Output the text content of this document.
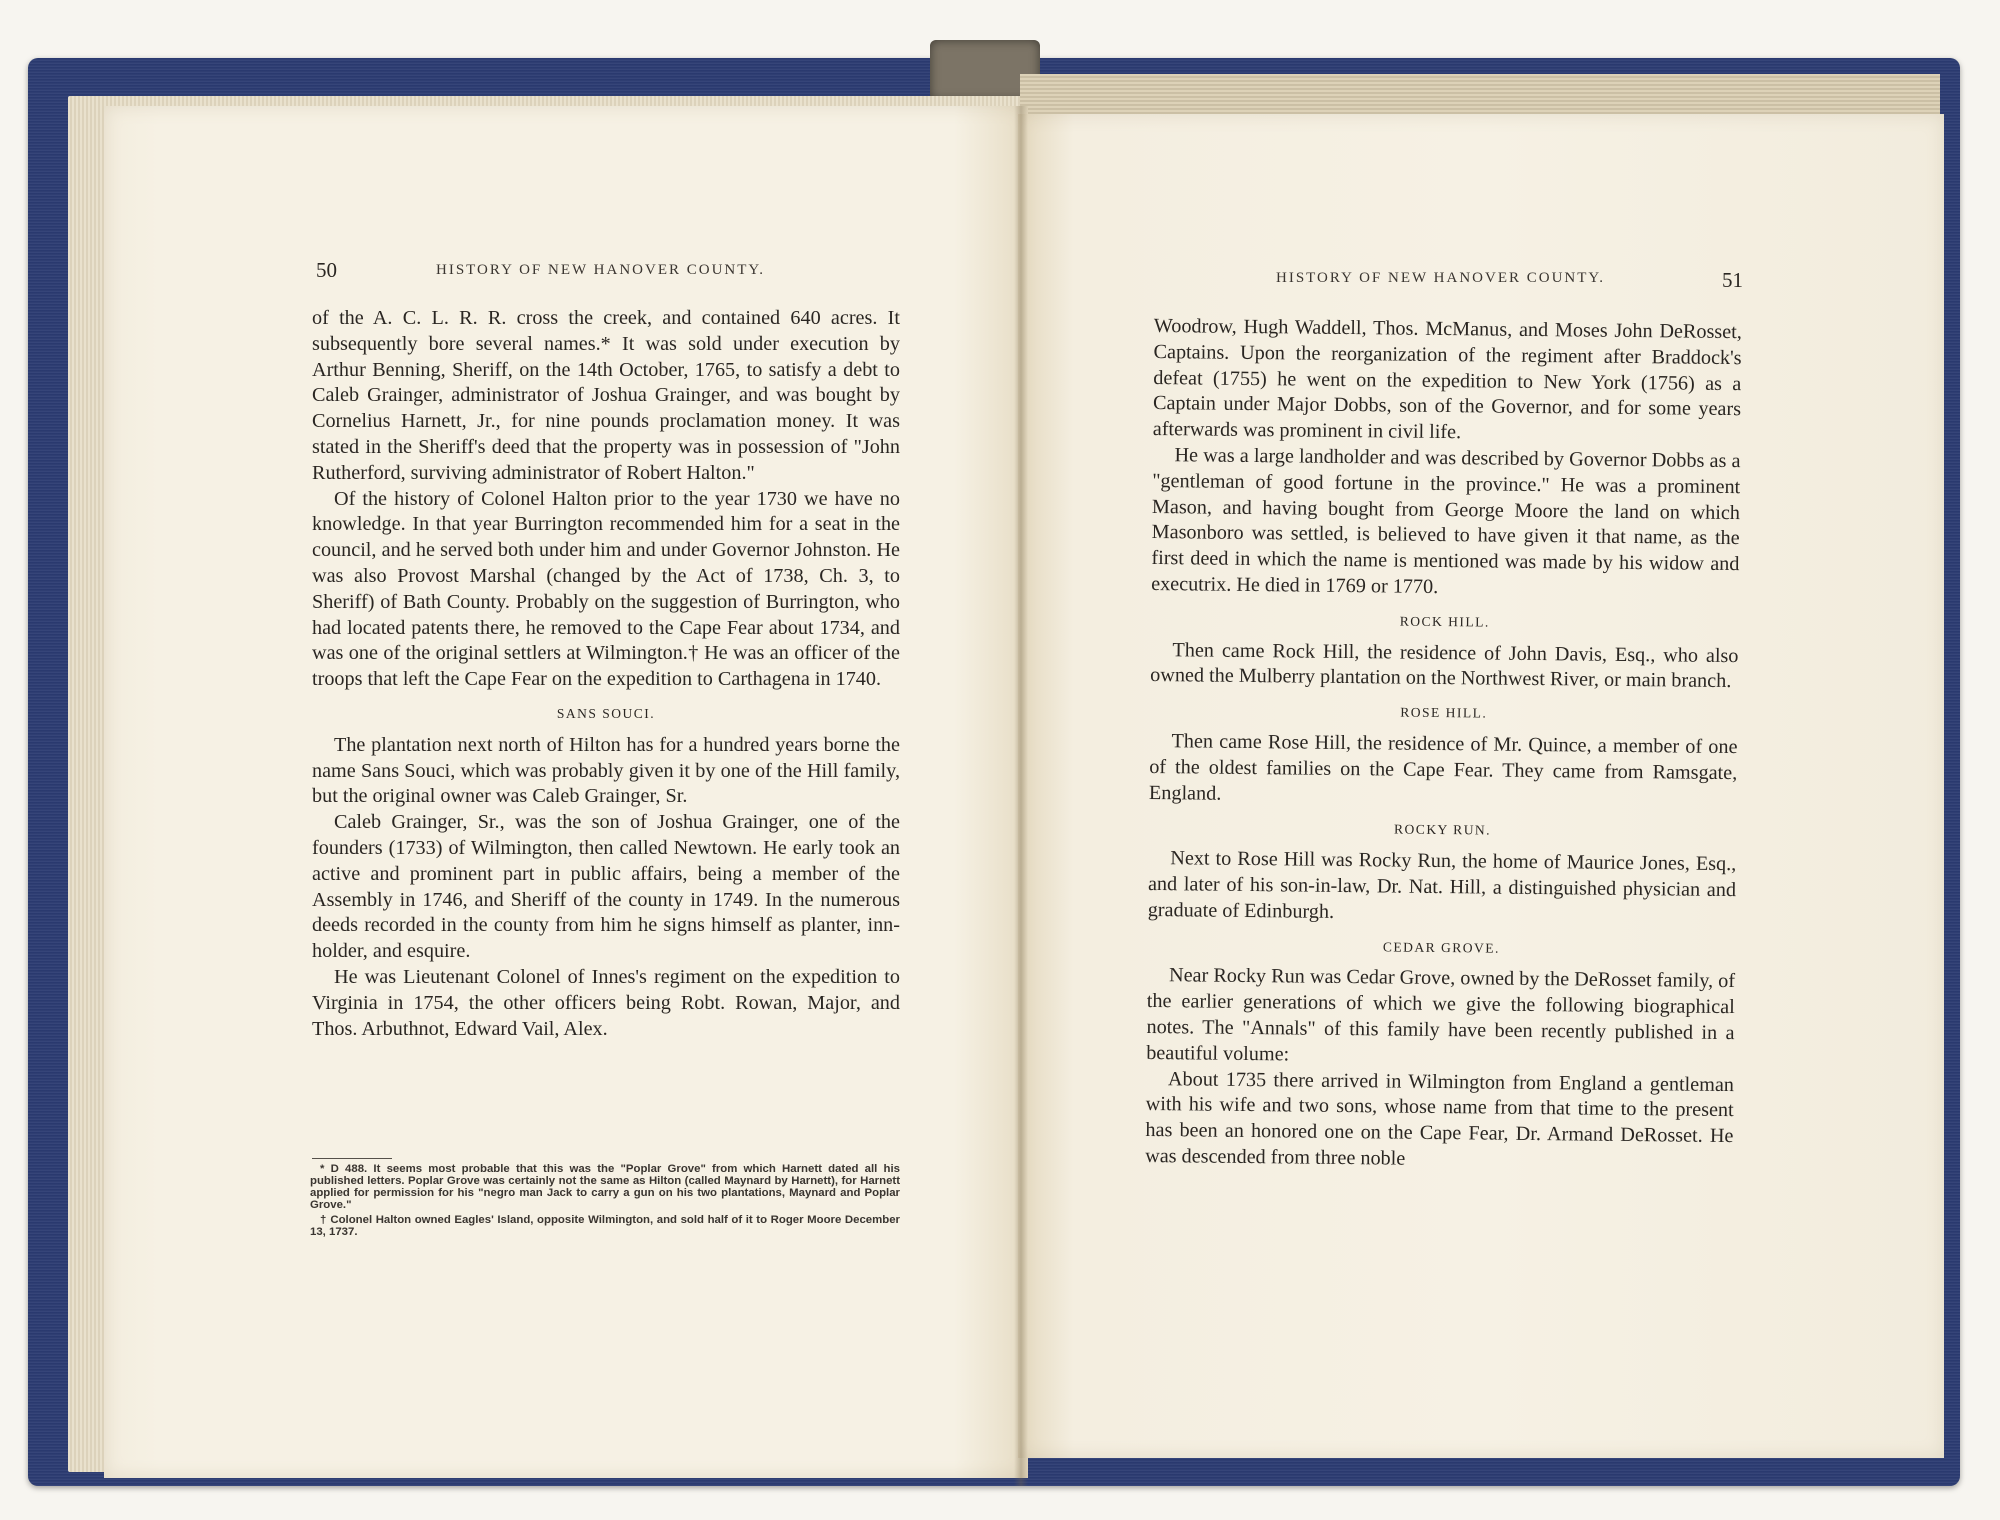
50	HISTORY OF NEW HANOVER COUNTY.

of the A. C. L. R. R. cross the creek, and contained 640 acres. It subsequently bore several names.* It was sold under execution by Arthur Benning, Sheriff, on the 14th October, 1765, to satisfy a debt to Caleb Grainger, administrator of Joshua Grainger, and was bought by Cornelius Harnett, Jr., for nine pounds proclamation money. It was stated in the Sheriff's deed that the property was in possession of "John Rutherford, surviving administrator of Robert Halton."

Of the history of Colonel Halton prior to the year 1730 we have no knowledge. In that year Burrington recommended him for a seat in the council, and he served both under him and under Governor Johnston. He was also Provost Marshal (changed by the Act of 1738, Ch. 3, to Sheriff) of Bath County. Probably on the suggestion of Burrington, who had located patents there, he removed to the Cape Fear about 1734, and was one of the original settlers at Wilmington.† He was an officer of the troops that left the Cape Fear on the expedition to Carthagena in 1740.

SANS SOUCI.

The plantation next north of Hilton has for a hundred years borne the name Sans Souci, which was probably given it by one of the Hill family, but the original owner was Caleb Grainger, Sr.

Caleb Grainger, Sr., was the son of Joshua Grainger, one of the founders (1733) of Wilmington, then called Newtown. He early took an active and prominent part in public affairs, being a member of the Assembly in 1746, and Sheriff of the county in 1749. In the numerous deeds recorded in the county from him he signs himself as planter, inn-holder, and esquire.

He was Lieutenant Colonel of Innes's regiment on the expedition to Virginia in 1754, the other officers being Robt. Rowan, Major, and Thos. Arbuthnot, Edward Vail, Alex.

* D 488. It seems most probable that this was the "Poplar Grove" from which Harnett dated all his published letters. Poplar Grove was certainly not the same as Hilton (called Maynard by Harnett), for Harnett applied for permission for his "negro man Jack to carry a gun on his two plantations, Maynard and Poplar Grove."

† Colonel Halton owned Eagles' Island, opposite Wilmington, and sold half of it to Roger Moore December 13, 1737.

HISTORY OF NEW HANOVER COUNTY.	51

Woodrow, Hugh Waddell, Thos. McManus, and Moses John DeRosset, Captains. Upon the reorganization of the regiment after Braddock's defeat (1755) he went on the expedition to New York (1756) as a Captain under Major Dobbs, son of the Governor, and for some years afterwards was prominent in civil life.

He was a large landholder and was described by Governor Dobbs as a "gentleman of good fortune in the province." He was a prominent Mason, and having bought from George Moore the land on which Masonboro was settled, is believed to have given it that name, as the first deed in which the name is mentioned was made by his widow and executrix. He died in 1769 or 1770.

ROCK HILL.

Then came Rock Hill, the residence of John Davis, Esq., who also owned the Mulberry plantation on the Northwest River, or main branch.

ROSE HILL.

Then came Rose Hill, the residence of Mr. Quince, a member of one of the oldest families on the Cape Fear. They came from Ramsgate, England.

ROCKY RUN.

Next to Rose Hill was Rocky Run, the home of Maurice Jones, Esq., and later of his son-in-law, Dr. Nat. Hill, a distinguished physician and graduate of Edinburgh.

CEDAR GROVE.

Near Rocky Run was Cedar Grove, owned by the DeRosset family, of the earlier generations of which we give the following biographical notes. The "Annals" of this family have been recently published in a beautiful volume:

About 1735 there arrived in Wilmington from England a gentleman with his wife and two sons, whose name from that time to the present has been an honored one on the Cape Fear, Dr. Armand DeRosset. He was descended from three noble
